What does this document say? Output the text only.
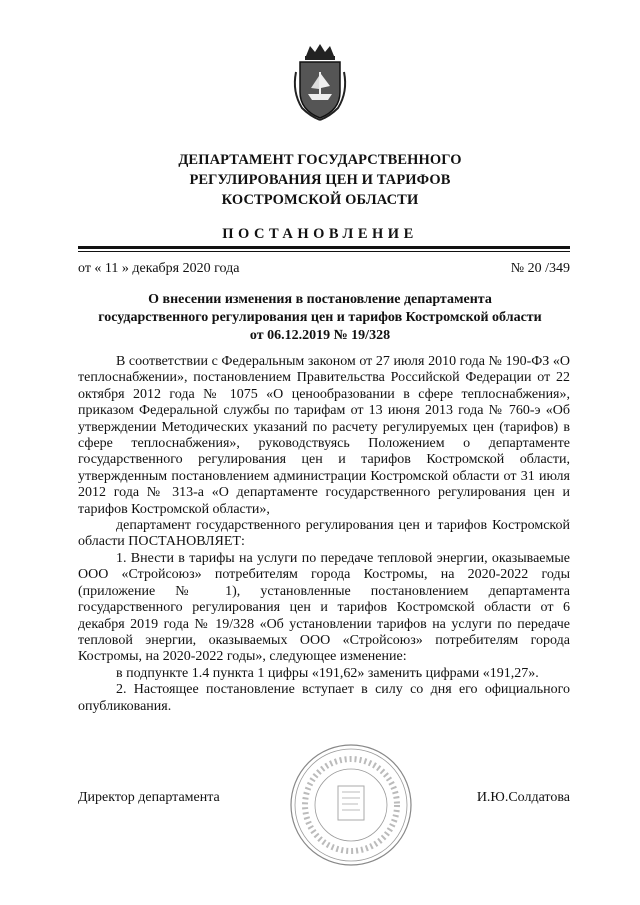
ДЕПАРТАМЕНТ ГОСУДАРСТВЕННОГО
РЕГУЛИРОВАНИЯ ЦЕН И ТАРИФОВ
КОСТРОМСКОЙ ОБЛАСТИ
ПОСТАНОВЛЕНИЕ
от « 11 » декабря 2020 года	№ 20 /349
О внесении изменения в постановление департамента
государственного регулирования цен и тарифов Костромской области
от 06.12.2019 № 19/328

В соответствии с Федеральным законом от 27 июля 2010 года № 190-ФЗ «О теплоснабжении», постановлением Правительства Российской Федерации от 22 октября 2012 года № 1075 «О ценообразовании в сфере теплоснабжения», приказом Федеральной службы по тарифам от 13 июня 2013 года № 760-э «Об утверждении Методических указаний по расчету регулируемых цен (тарифов) в сфере теплоснабжения», руководствуясь Положением о департаменте государственного регулирования цен и тарифов Костромской области, утвержденным постановлением администрации Костромской области от 31 июля 2012 года № 313-а «О департаменте государственного регулирования цен и тарифов Костромской области»,

департамент государственного регулирования цен и тарифов Костромской области ПОСТАНОВЛЯЕТ:

1. Внести в тарифы на услуги по передаче тепловой энергии, оказываемые ООО «Стройсоюз» потребителям города Костромы, на 2020-2022 годы (приложение № 1), установленные постановлением департамента государственного регулирования цен и тарифов Костромской области от 6 декабря 2019 года № 19/328 «Об установлении тарифов на услуги по передаче тепловой энергии, оказываемых ООО «Стройсоюз» потребителям города Костромы, на 2020-2022 годы», следующее изменение:

в подпункте 1.4 пункта 1 цифры «191,62» заменить цифрами «191,27».

2. Настоящее постановление вступает в силу со дня его официального опубликования.

Директор департамента	И.Ю.Солдатова
